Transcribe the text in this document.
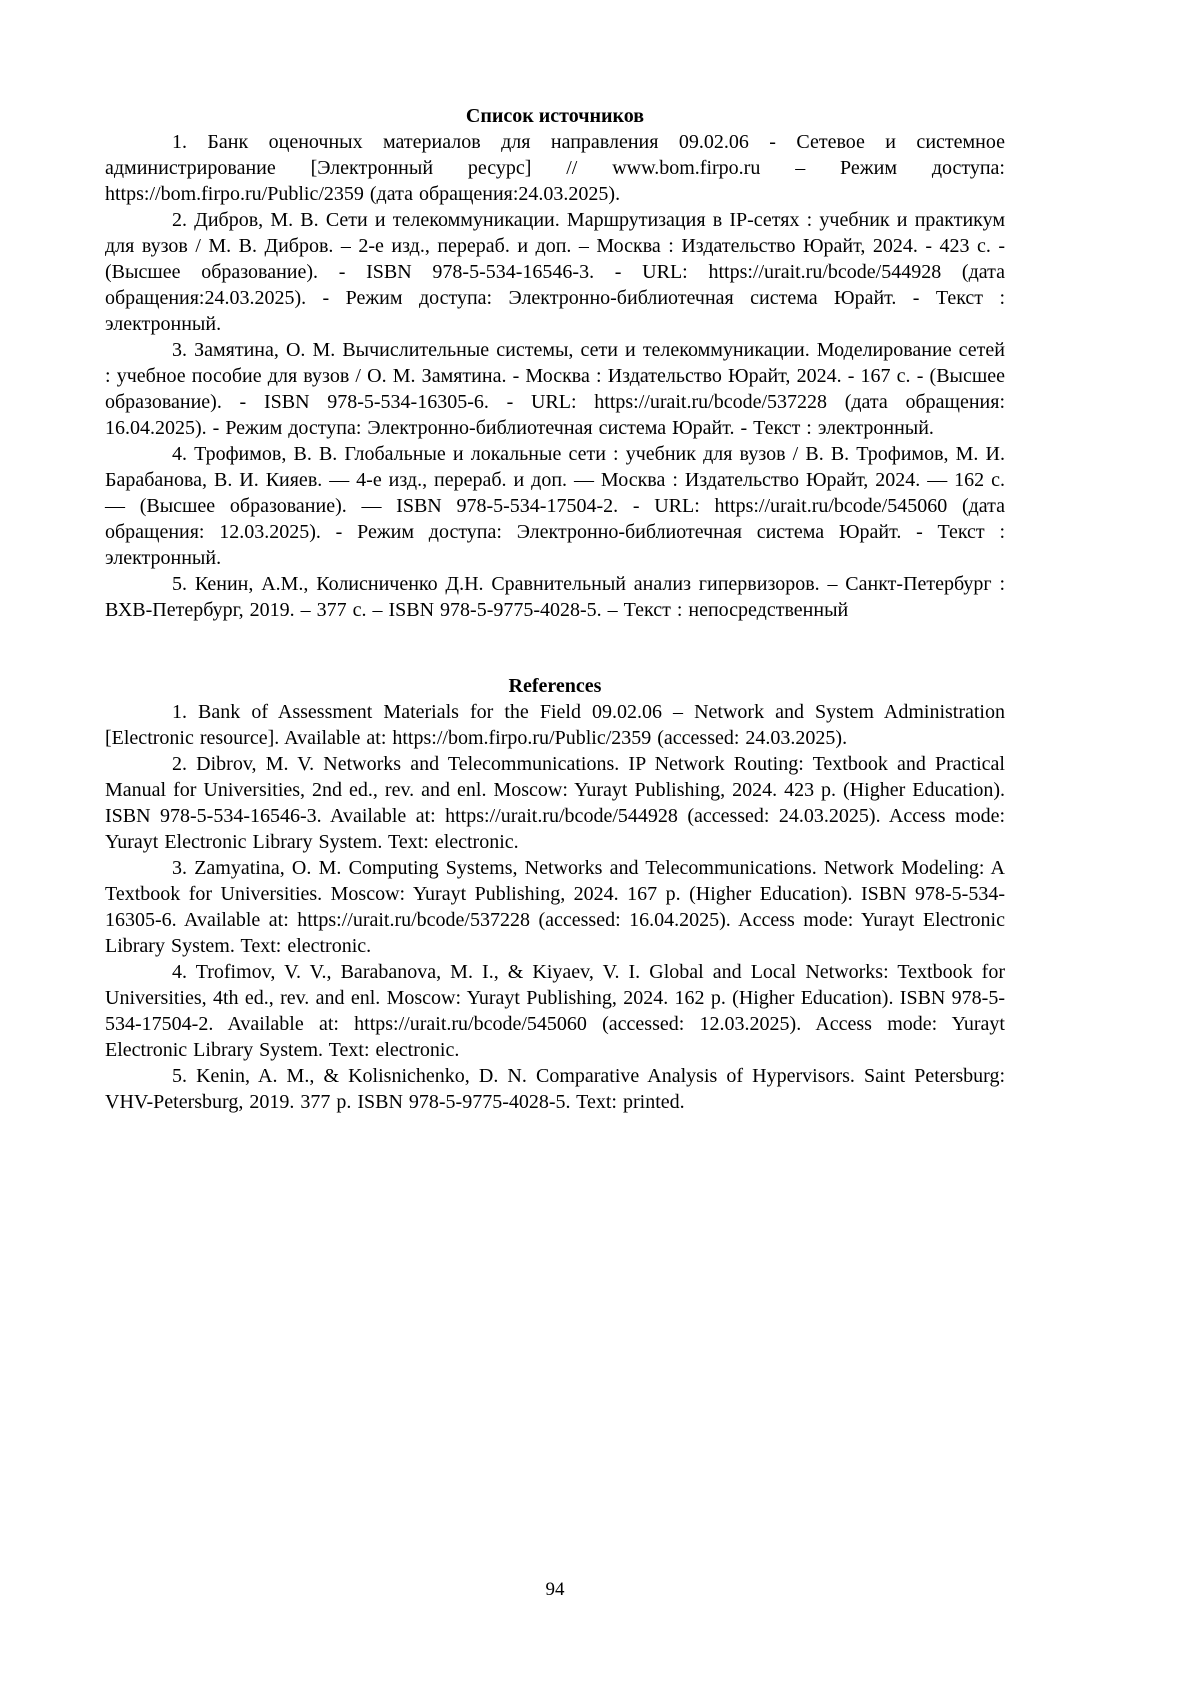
Список источников

1. Банк оценочных материалов для направления 09.02.06 - Сетевое и системное администрирование [Электронный ресурс] // www.bom.firpo.ru – Режим доступа: https://bom.firpo.ru/Public/2359 (дата обращения:24.03.2025).

2. Дибров, М. В. Сети и телекоммуникации. Маршрутизация в IP-сетях : учебник и практикум для вузов / М. В. Дибров. – 2-е изд., перераб. и доп. – Москва : Издательство Юрайт, 2024. - 423 с. - (Высшее образование). - ISBN 978-5-534-16546-3. - URL: https://urait.ru/bcode/544928 (дата обращения:24.03.2025). - Режим доступа: Электронно-библиотечная система Юрайт. - Текст : электронный.

3. Замятина, О. М. Вычислительные системы, сети и телекоммуникации. Моделирование сетей : учебное пособие для вузов / О. М. Замятина. - Москва : Издательство Юрайт, 2024. - 167 с. - (Высшее образование). - ISBN 978-5-534-16305-6. - URL: https://urait.ru/bcode/537228 (дата обращения: 16.04.2025). - Режим доступа: Электронно-библиотечная система Юрайт. - Текст : электронный.

4. Трофимов, В. В. Глобальные и локальные сети : учебник для вузов / В. В. Трофимов, М. И. Барабанова, В. И. Кияев. — 4-е изд., перераб. и доп. — Москва : Издательство Юрайт, 2024. — 162 с. — (Высшее образование). — ISBN 978-5-534-17504-2. - URL: https://urait.ru/bcode/545060 (дата обращения: 12.03.2025). - Режим доступа: Электронно-библиотечная система Юрайт. - Текст : электронный.

5. Кенин, А.М., Колисниченко Д.Н. Сравнительный анализ гипервизоров. – Санкт-Петербург : ВХВ-Петербург, 2019. – 377 с. – ISBN 978-5-9775-4028-5. – Текст : непосредственный

References

1. Bank of Assessment Materials for the Field 09.02.06 – Network and System Administration [Electronic resource]. Available at: https://bom.firpo.ru/Public/2359 (accessed: 24.03.2025).

2. Dibrov, M. V. Networks and Telecommunications. IP Network Routing: Textbook and Practical Manual for Universities, 2nd ed., rev. and enl. Moscow: Yurayt Publishing, 2024. 423 p. (Higher Education). ISBN 978-5-534-16546-3. Available at: https://urait.ru/bcode/544928 (accessed: 24.03.2025). Access mode: Yurayt Electronic Library System. Text: electronic.

3. Zamyatina, O. M. Computing Systems, Networks and Telecommunications. Network Modeling: A Textbook for Universities. Moscow: Yurayt Publishing, 2024. 167 p. (Higher Education). ISBN 978-5-534-16305-6. Available at: https://urait.ru/bcode/537228 (accessed: 16.04.2025). Access mode: Yurayt Electronic Library System. Text: electronic.

4. Trofimov, V. V., Barabanova, M. I., & Kiyaev, V. I. Global and Local Networks: Textbook for Universities, 4th ed., rev. and enl. Moscow: Yurayt Publishing, 2024. 162 p. (Higher Education). ISBN 978-5-534-17504-2. Available at: https://urait.ru/bcode/545060 (accessed: 12.03.2025). Access mode: Yurayt Electronic Library System. Text: electronic.

5. Kenin, A. M., & Kolisnichenko, D. N. Comparative Analysis of Hypervisors. Saint Petersburg: VHV-Petersburg, 2019. 377 p. ISBN 978-5-9775-4028-5. Text: printed.

94
